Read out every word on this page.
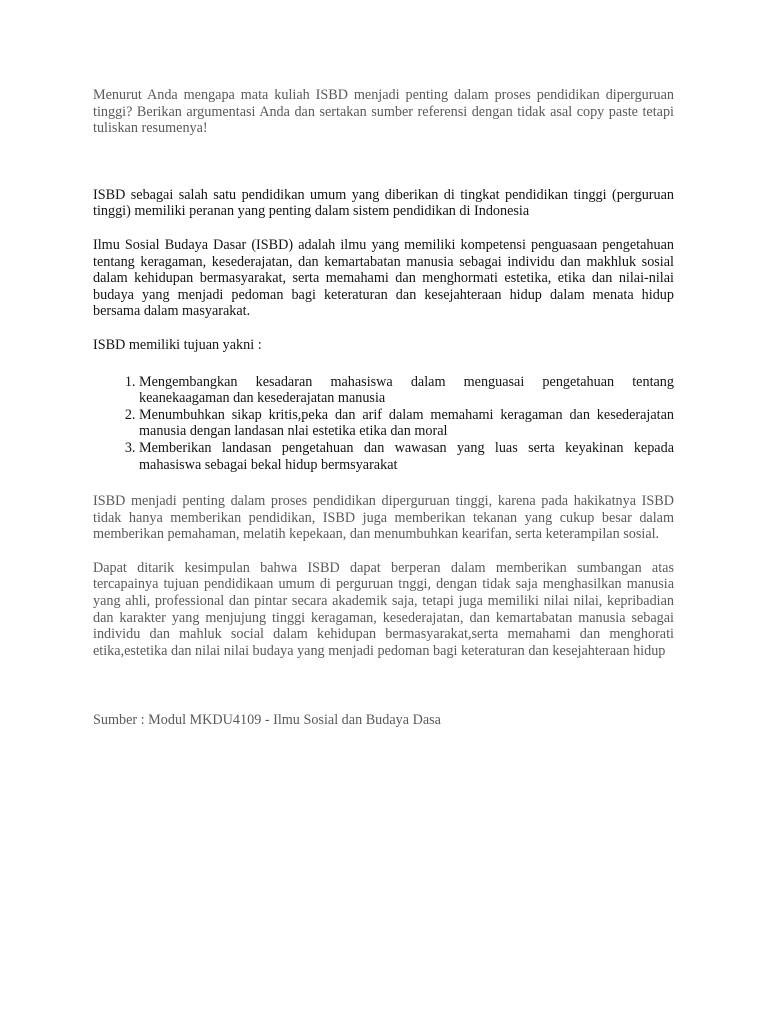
Menurut Anda mengapa mata kuliah ISBD menjadi penting dalam proses pendidikan diperguruan tinggi? Berikan argumentasi Anda dan sertakan sumber referensi dengan tidak asal copy paste tetapi tuliskan resumenya!

ISBD sebagai salah satu pendidikan umum yang diberikan di tingkat pendidikan tinggi (perguruan tinggi) memiliki peranan yang penting dalam sistem pendidikan di Indonesia

Ilmu Sosial Budaya Dasar (ISBD) adalah ilmu yang memiliki kompetensi penguasaan pengetahuan tentang keragaman, kesederajatan, dan kemartabatan manusia sebagai individu dan makhluk sosial dalam kehidupan bermasyarakat, serta memahami dan menghormati estetika, etika dan nilai-nilai budaya yang menjadi pedoman bagi keteraturan dan kesejahteraan hidup dalam menata hidup bersama dalam masyarakat.

ISBD memiliki tujuan yakni :

1. Mengembangkan kesadaran mahasiswa dalam menguasai pengetahuan tentang keanekaagaman dan kesederajatan manusia
2. Menumbuhkan sikap kritis,peka dan arif dalam memahami keragaman dan kesederajatan manusia dengan landasan nlai estetika etika dan moral
3. Memberikan landasan pengetahuan dan wawasan yang luas serta keyakinan kepada mahasiswa sebagai bekal hidup bermsyarakat

ISBD menjadi penting dalam proses pendidikan diperguruan tinggi, karena pada hakikatnya ISBD tidak hanya memberikan pendidikan, ISBD juga memberikan tekanan yang cukup besar dalam memberikan pemahaman, melatih kepekaan, dan menumbuhkan kearifan, serta keterampilan sosial.

Dapat ditarik kesimpulan bahwa ISBD dapat berperan dalam memberikan sumbangan atas tercapainya tujuan pendidikaan umum di perguruan tnggi, dengan tidak saja menghasilkan manusia yang ahli, professional dan pintar secara akademik saja, tetapi juga memiliki nilai nilai, kepribadian dan karakter yang menjujung tinggi keragaman, kesederajatan, dan kemartabatan manusia sebagai individu dan mahluk social dalam kehidupan bermasyarakat,serta memahami dan menghorati etika,estetika dan nilai nilai budaya yang menjadi pedoman bagi keteraturan dan kesejahteraan hidup

Sumber : Modul MKDU4109 - Ilmu Sosial dan Budaya Dasa
